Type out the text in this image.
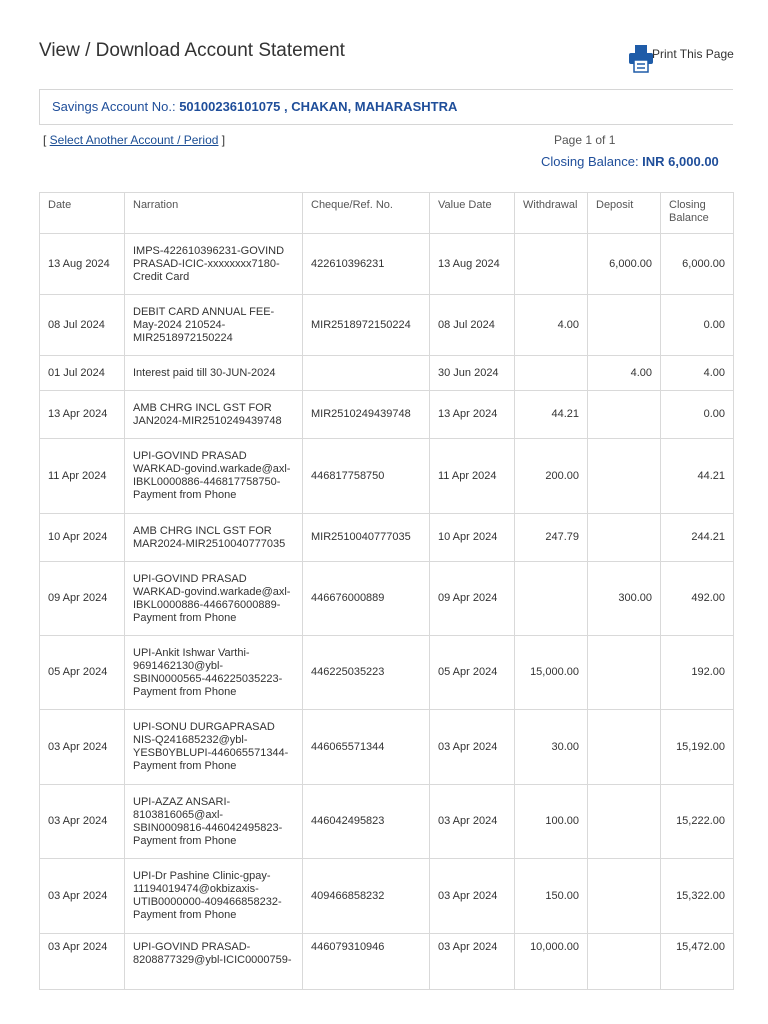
View / Download Account Statement	Print This Page
Savings Account No.: 50100236101075 , CHAKAN, MAHARASHTRA
[ Select Another Account / Period ]	Page 1 of 1
Closing Balance: INR 6,000.00
Date	Narration	Cheque/Ref. No.	Value Date	Withdrawal	Deposit	Closing Balance
13 Aug 2024	IMPS-422610396231-GOVIND PRASAD-ICIC-xxxxxxxx7180-Credit Card	422610396231	13 Aug 2024		6,000.00	6,000.00
08 Jul 2024	DEBIT CARD ANNUAL FEE-May-2024 210524-MIR2518972150224	MIR2518972150224	08 Jul 2024	4.00		0.00
01 Jul 2024	Interest paid till 30-JUN-2024		30 Jun 2024		4.00	4.00
13 Apr 2024	AMB CHRG INCL GST FOR JAN2024-MIR2510249439748	MIR2510249439748	13 Apr 2024	44.21		0.00
11 Apr 2024	UPI-GOVIND PRASAD WARKAD-govind.warkade@axl-IBKL0000886-446817758750-Payment from Phone	446817758750	11 Apr 2024	200.00		44.21
10 Apr 2024	AMB CHRG INCL GST FOR MAR2024-MIR2510040777035	MIR2510040777035	10 Apr 2024	247.79		244.21
09 Apr 2024	UPI-GOVIND PRASAD WARKAD-govind.warkade@axl-IBKL0000886-446676000889-Payment from Phone	446676000889	09 Apr 2024		300.00	492.00
05 Apr 2024	UPI-Ankit Ishwar Varthi-9691462130@ybl-SBIN0000565-446225035223-Payment from Phone	446225035223	05 Apr 2024	15,000.00		192.00
03 Apr 2024	UPI-SONU DURGAPRASAD NIS-Q241685232@ybl-YESB0YBLUPI-446065571344-Payment from Phone	446065571344	03 Apr 2024	30.00		15,192.00
03 Apr 2024	UPI-AZAZ ANSARI-8103816065@axl-SBIN0009816-446042495823-Payment from Phone	446042495823	03 Apr 2024	100.00		15,222.00
03 Apr 2024	UPI-Dr Pashine Clinic-gpay-11194019474@okbizaxis-UTIB0000000-409466858232-Payment from Phone	409466858232	03 Apr 2024	150.00		15,322.00
03 Apr 2024	UPI-GOVIND PRASAD-8208877329@ybl-ICIC0000759-	446079310946	03 Apr 2024	10,000.00		15,472.00
